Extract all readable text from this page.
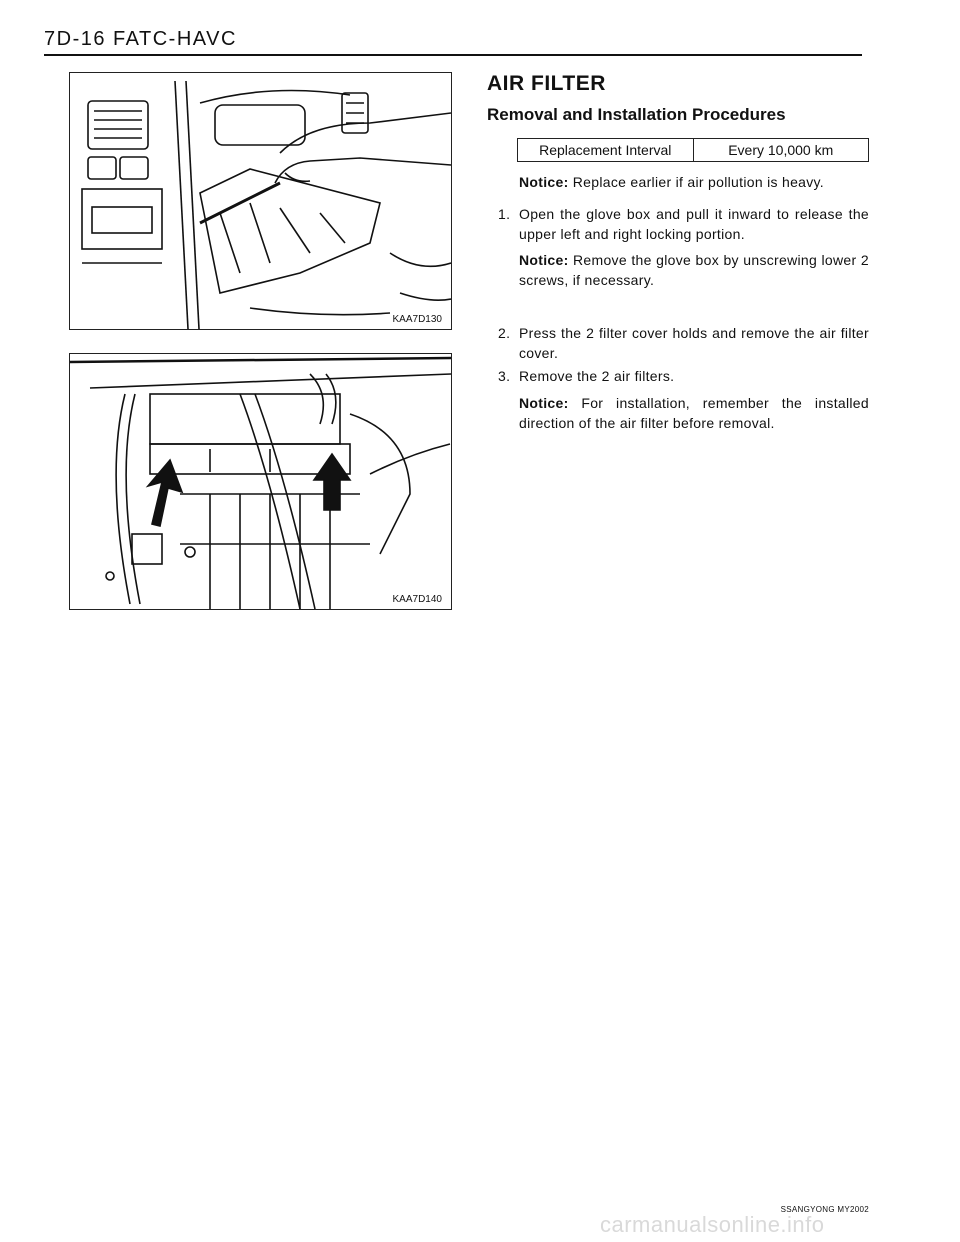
7D-16 FATC-HAVC
KAA7D130
KAA7D140
AIR FILTER
Removal and Installation Procedures
Replacement Interval	Every 10,000 km
Notice: Replace earlier if air pollution is heavy.
1. Open the glove box and pull it inward to release the upper left and right locking portion.
Notice: Remove the glove box by unscrewing lower 2 screws, if necessary.
2. Press the 2 filter cover holds and remove the air filter cover.
3. Remove the 2 air filters.
Notice: For installation, remember the installed direction of the air filter before removal.
SSANGYONG MY2002
carmanualsonline.info
